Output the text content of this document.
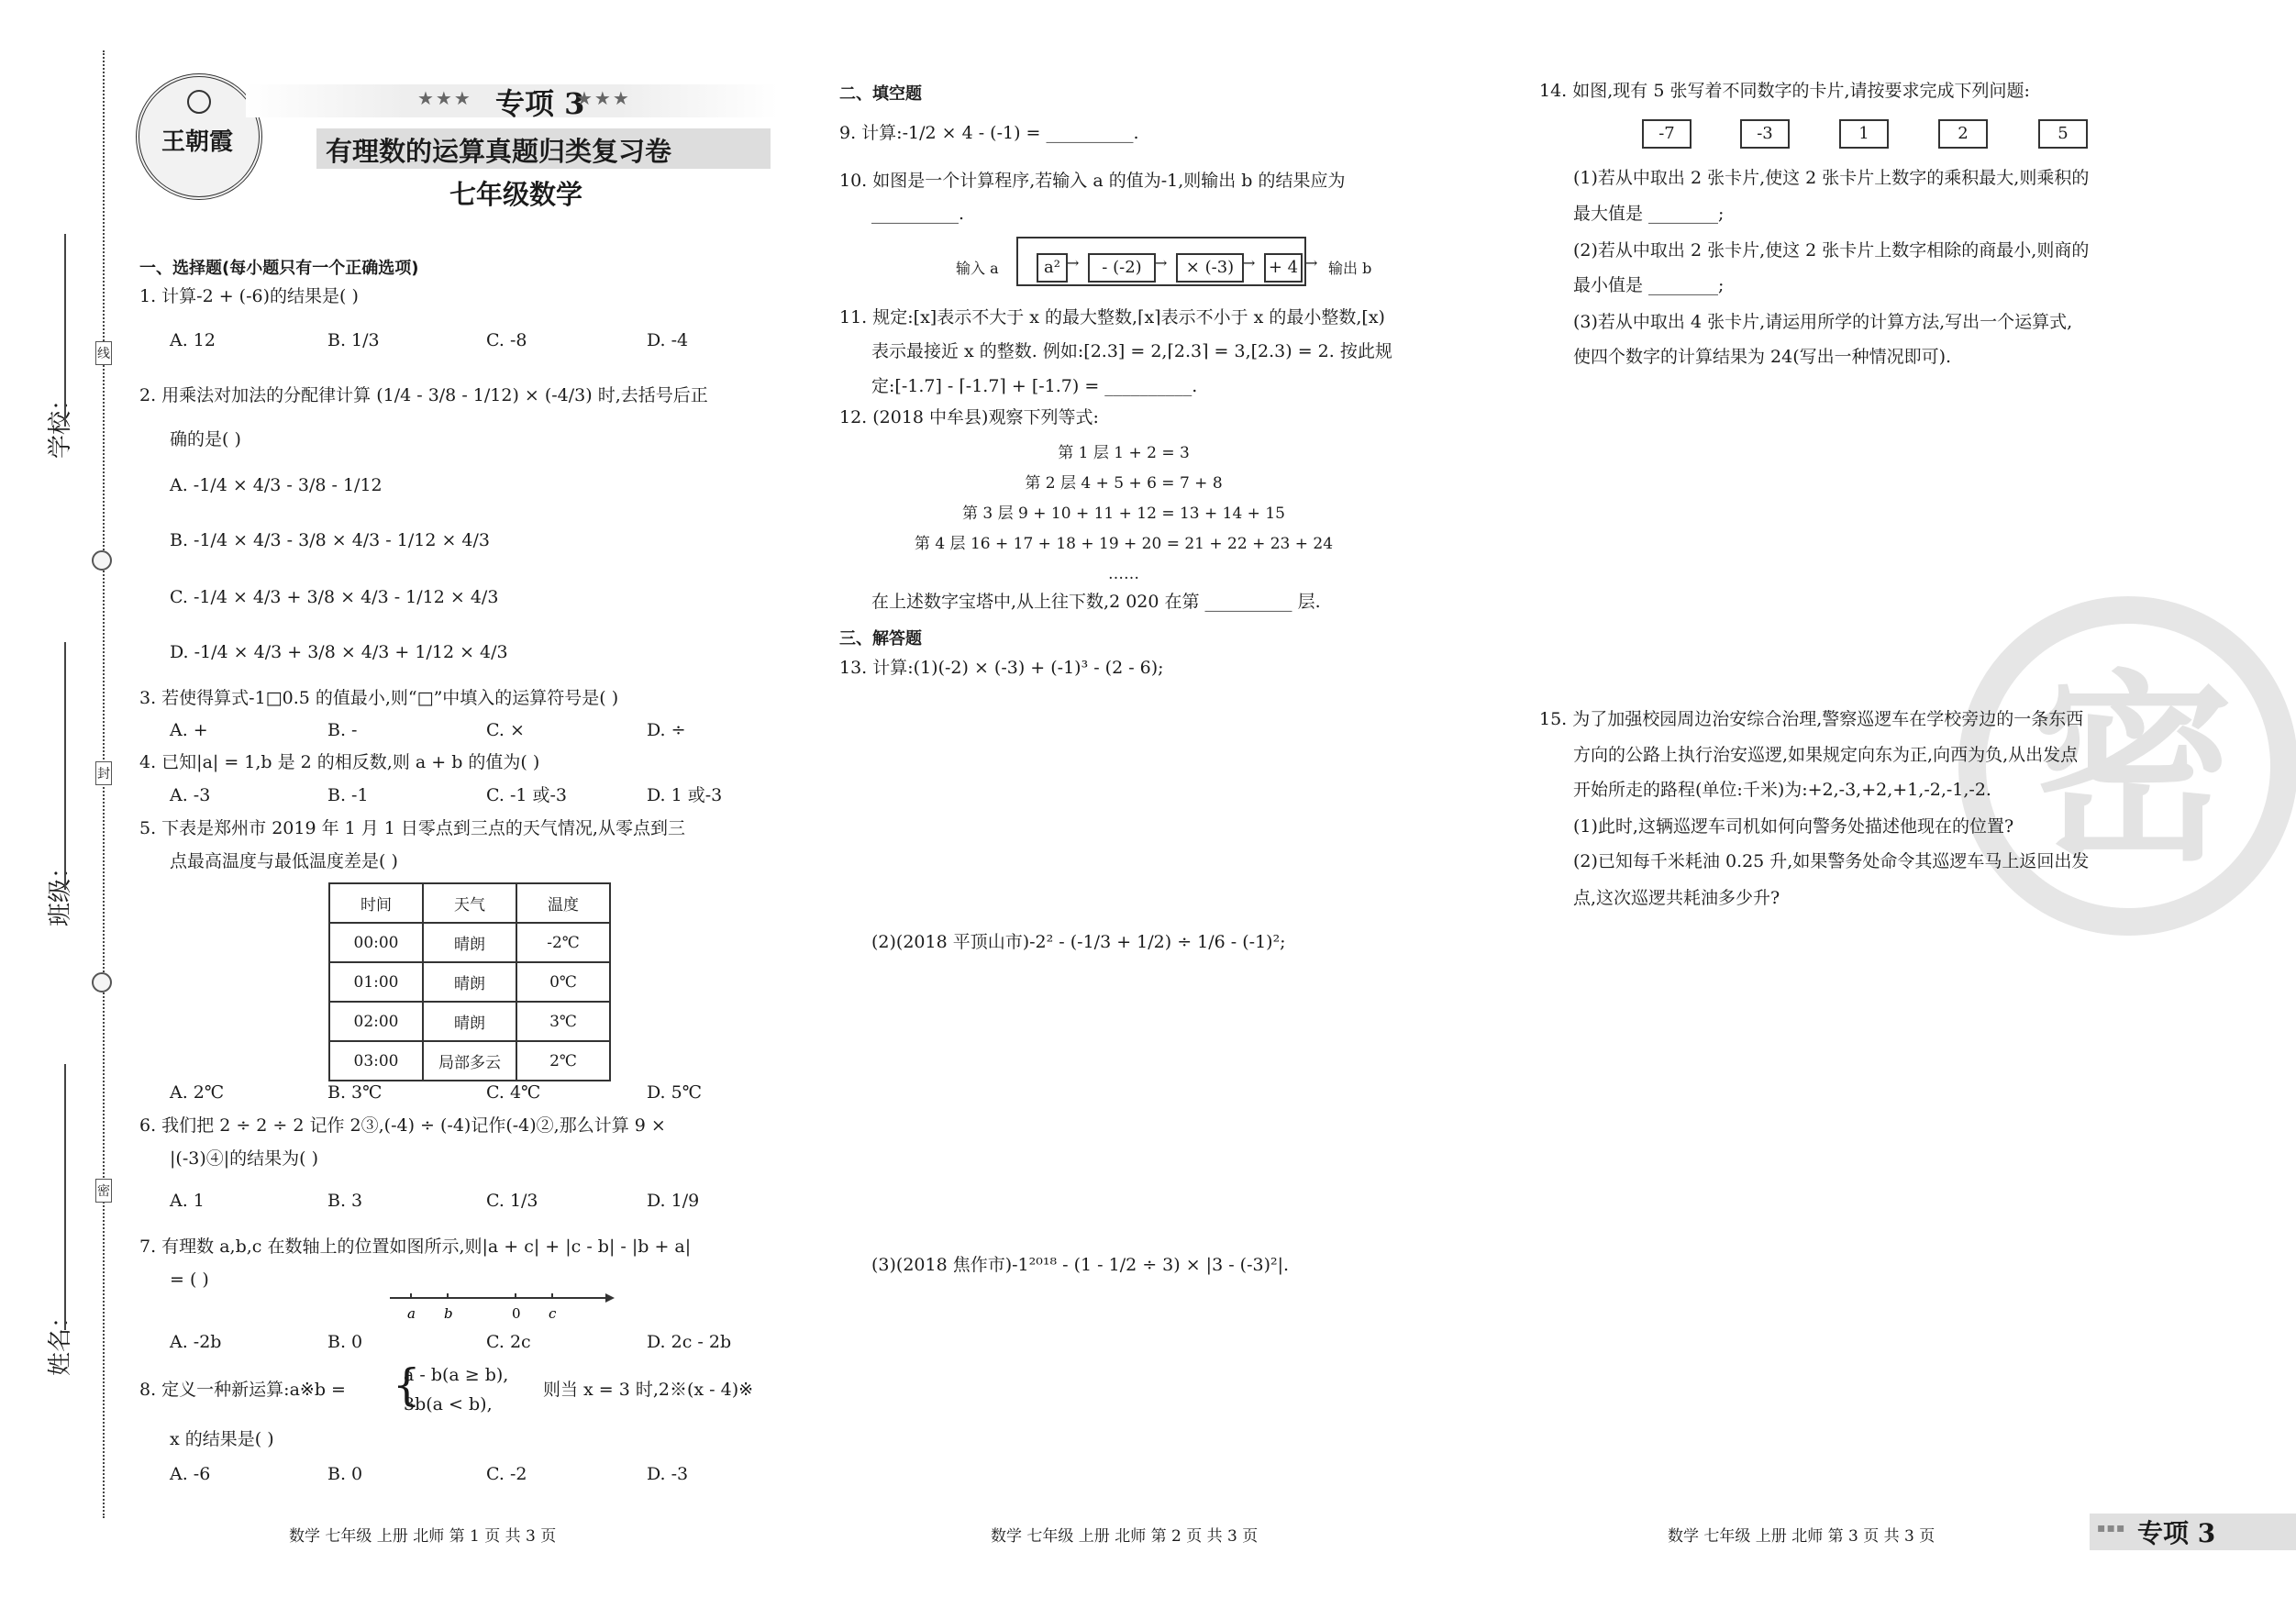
学校：
班级：
姓名：
线
封
密
王朝霞
★★★ 专项 3
★★★
有理数的运算真题归类复习卷
七年级数学
一、选择题(每小题只有一个正确选项)
1. 计算-2 + (-6)的结果是( )
A. 12	B. 1/3	C. -8	D. -4
2. 用乘法对加法的分配律计算 (1/4 - 3/8 - 1/12) × (-4/3) 时,去括号后正
确的是( )
A. -1/4 × 4/3 - 3/8 - 1/12
B. -1/4 × 4/3 - 3/8 × 4/3 - 1/12 × 4/3
C. -1/4 × 4/3 + 3/8 × 4/3 - 1/12 × 4/3
D. -1/4 × 4/3 + 3/8 × 4/3 + 1/12 × 4/3
3. 若使得算式-1□0.5 的值最小,则“□”中填入的运算符号是( )
A. +	B. -	C. ×	D. ÷
4. 已知|a| = 1,b 是 2 的相反数,则 a + b 的值为( )
A. -3	B. -1	C. -1 或-3	D. 1 或-3
5. 下表是郑州市 2019 年 1 月 1 日零点到三点的天气情况,从零点到三
点最高温度与最低温度差是( )
时间	天气	温度
00:00	晴朗	-2℃
01:00	晴朗	0℃
02:00	晴朗	3℃
03:00	局部多云	2℃
A. 2℃	B. 3℃	C. 4℃	D. 5℃
6. 我们把 2 ÷ 2 ÷ 2 记作 2③,(-4) ÷ (-4)记作(-4)②,那么计算 9 ×
|(-3)④|的结果为( )
A. 1	B. 3	C. 1/3	D. 1/9
7. 有理数 a,b,c 在数轴上的位置如图所示,则|a + c| + |c - b| - |b + a|
= ( )
a b	0 c
A. -2b	B. 0	C. 2c	D. 2c - 2b
8. 定义一种新运算:a※b = {
a - b(a ≥ b),
3b(a < b),
则当 x = 3 时,2※(x - 4)※
x 的结果是( )
A. -6	B. 0	C. -2	D. -3
数学 七年级 上册 北师 第 1 页 共 3 页
二、填空题
9. 计算:-1/2 × 4 - (-1) = __________.
10. 如图是一个计算程序,若输入 a 的值为-1,则输出 b 的结果应为
__________.
输入 a	a² →	- (-2) →	× (-3) → + 4 → 输出 b
11. 规定:[x]表示不大于 x 的最大整数,⌈x⌉表示不小于 x 的最小整数,[x)
表示最接近 x 的整数. 例如:[2.3] = 2,⌈2.3⌉ = 3,[2.3) = 2. 按此规
定:[-1.7] - ⌈-1.7⌉ + [-1.7) = __________.
12. (2018 中牟县)观察下列等式:
第 1 层 1 + 2 = 3
第 2 层 4 + 5 + 6 = 7 + 8
第 3 层 9 + 10 + 11 + 12 = 13 + 14 + 15
第 4 层 16 + 17 + 18 + 19 + 20 = 21 + 22 + 23 + 24
……
在上述数字宝塔中,从上往下数,2 020 在第 __________ 层.
三、解答题
13. 计算:(1)(-2) × (-3) + (-1)³ - (2 - 6);
(2)(2018 平顶山市)-2² - (-1/3 + 1/2) ÷ 1/6 - (-1)²;
(3)(2018 焦作市)-1²⁰¹⁸ - (1 - 1/2 ÷ 3) × |3 - (-3)²|.
数学 七年级 上册 北师 第 2 页 共 3 页
密
14. 如图,现有 5 张写着不同数字的卡片,请按要求完成下列问题:
-7	-3	1	2	5
(1)若从中取出 2 张卡片,使这 2 张卡片上数字的乘积最大,则乘积的
最大值是 ________;
(2)若从中取出 2 张卡片,使这 2 张卡片上数字相除的商最小,则商的
最小值是 ________;
(3)若从中取出 4 张卡片,请运用所学的计算方法,写出一个运算式,
使四个数字的计算结果为 24(写出一种情况即可).
15. 为了加强校园周边治安综合治理,警察巡逻车在学校旁边的一条东西
方向的公路上执行治安巡逻,如果规定向东为正,向西为负,从出发点
开始所走的路程(单位:千米)为:+2,-3,+2,+1,-2,-1,-2.
(1)此时,这辆巡逻车司机如何向警务处描述他现在的位置?
(2)已知每千米耗油 0.25 升,如果警务处命令其巡逻车马上返回出发
点,这次巡逻共耗油多少升?
数学 七年级 上册 北师 第 3 页 共 3 页	▪▪▪ 专项 3
